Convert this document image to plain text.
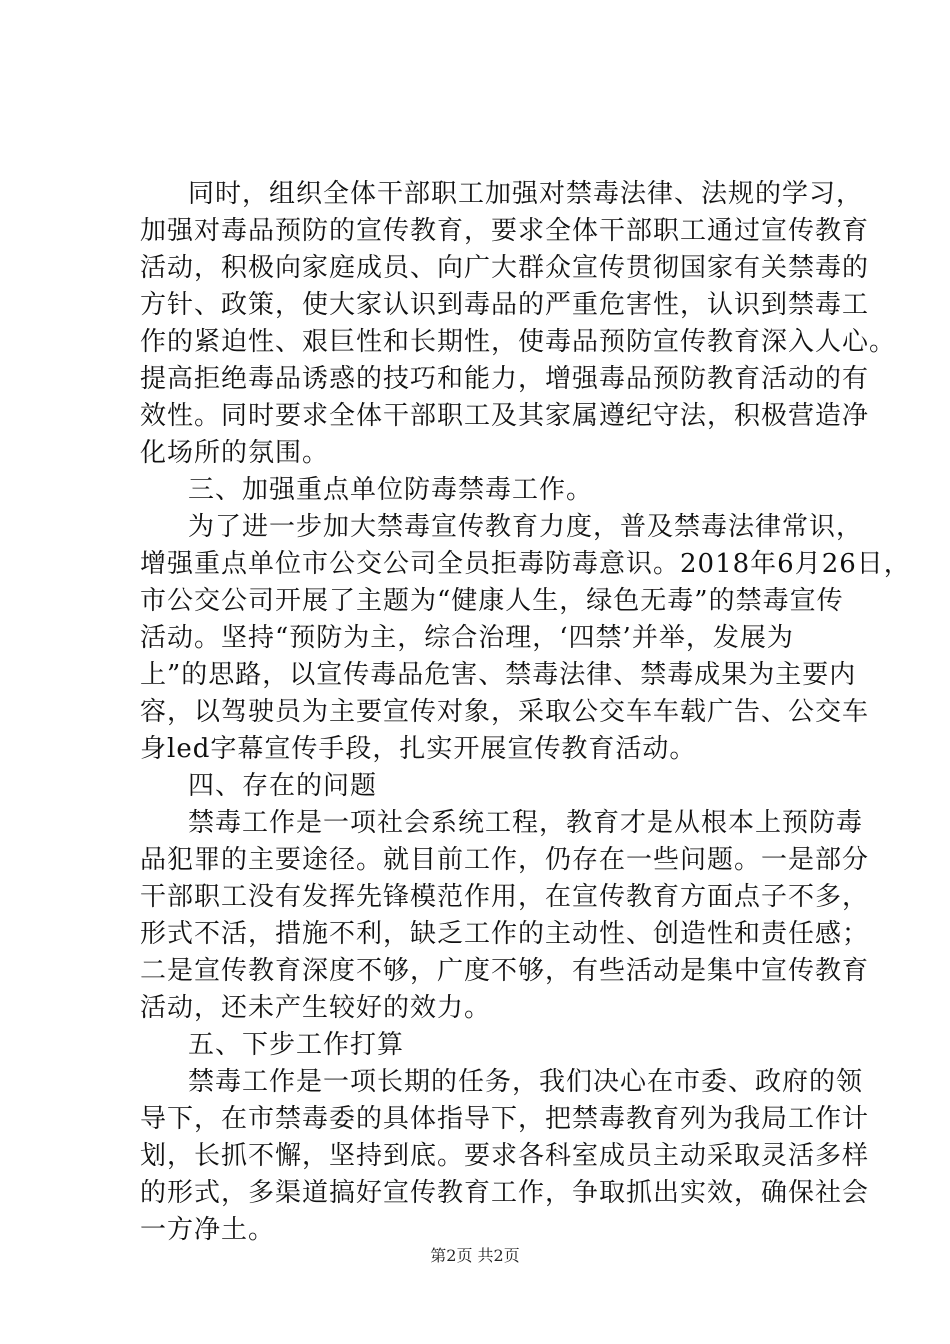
同时，组织全体干部职工加强对禁毒法律、法规的学习，
加强对毒品预防的宣传教育，要求全体干部职工通过宣传教育
活动，积极向家庭成员、向广大群众宣传贯彻国家有关禁毒的
方针、政策，使大家认识到毒品的严重危害性，认识到禁毒工
作的紧迫性、艰巨性和长期性，使毒品预防宣传教育深入人心。
提高拒绝毒品诱惑的技巧和能力，增强毒品预防教育活动的有
效性。同时要求全体干部职工及其家属遵纪守法，积极营造净
化场所的氛围。
三、加强重点单位防毒禁毒工作。
为了进一步加大禁毒宣传教育力度，普及禁毒法律常识，
增强重点单位市公交公司全员拒毒防毒意识。2018年6月26日，
市公交公司开展了主题为“健康人生，绿色无毒”的禁毒宣传
活动。坚持“预防为主，综合治理，‘四禁’并举，发展为
上”的思路，以宣传毒品危害、禁毒法律、禁毒成果为主要内
容，以驾驶员为主要宣传对象，采取公交车车载广告、公交车
身led字幕宣传手段，扎实开展宣传教育活动。
四、存在的问题
禁毒工作是一项社会系统工程，教育才是从根本上预防毒
品犯罪的主要途径。就目前工作，仍存在一些问题。一是部分
干部职工没有发挥先锋模范作用，在宣传教育方面点子不多，
形式不活，措施不利，缺乏工作的主动性、创造性和责任感；
二是宣传教育深度不够，广度不够，有些活动是集中宣传教育
活动，还未产生较好的效力。
五、下步工作打算
禁毒工作是一项长期的任务，我们决心在市委、政府的领
导下，在市禁毒委的具体指导下，把禁毒教育列为我局工作计
划，长抓不懈，坚持到底。要求各科室成员主动采取灵活多样
的形式，多渠道搞好宣传教育工作，争取抓出实效，确保社会
一方净土。
第2页 共2页
